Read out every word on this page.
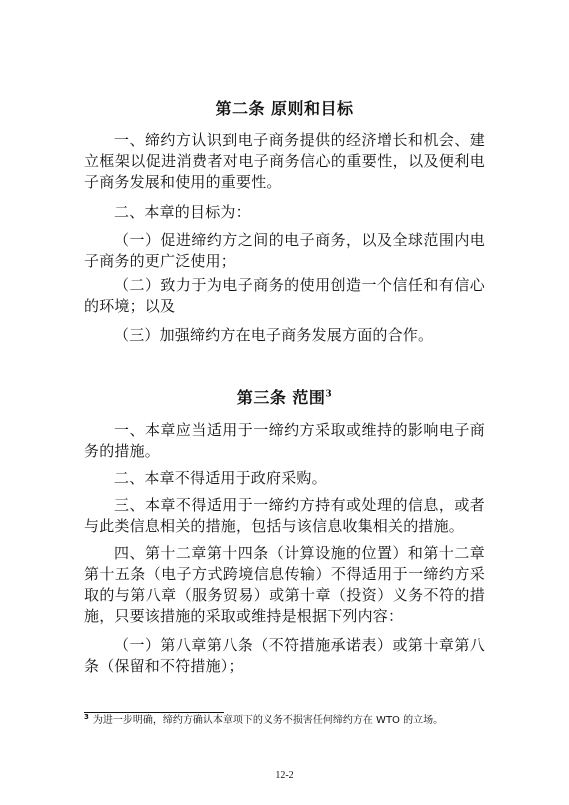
第二条 原则和目标

一、缔约方认识到电子商务提供的经济增长和机会、建立框架以促进消费者对电子商务信心的重要性，以及便利电子商务发展和使用的重要性。

二、本章的目标为：

（一）促进缔约方之间的电子商务，以及全球范围内电子商务的更广泛使用；

（二）致力于为电子商务的使用创造一个信任和有信心的环境；以及

（三）加强缔约方在电子商务发展方面的合作。

第三条 范围$^3$

一、本章应当适用于一缔约方采取或维持的影响电子商务的措施。

二、本章不得适用于政府采购。

三、本章不得适用于一缔约方持有或处理的信息，或者与此类信息相关的措施，包括与该信息收集相关的措施。

四、第十二章第十四条（计算设施的位置）和第十二章第十五条（电子方式跨境信息传输）不得适用于一缔约方采取的与第八章（服务贸易）或第十章（投资）义务不符的措施，只要该措施的采取或维持是根据下列内容：

（一）第八章第八条（不符措施承诺表）或第十章第八条（保留和不符措施）；

$^3$ 为进一步明确，缔约方确认本章项下的义务不损害任何缔约方在 WTO 的立场。
12-2
